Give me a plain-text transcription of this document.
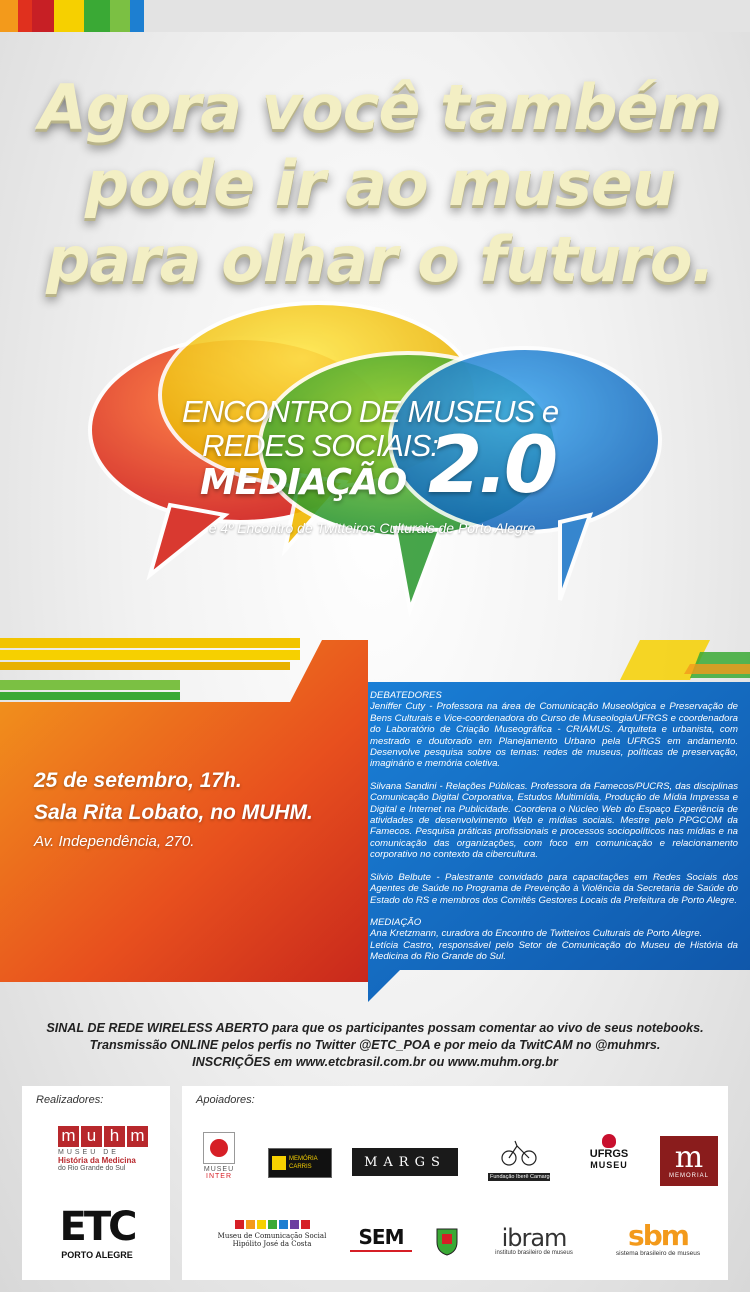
Agora você também
pode ir ao museu
para olhar o futuro.
ENCONTRO DE MUSEUS e
REDES SOCIAIS:
MEDIAÇÃO 2.0
e 4º Encontro de Twitteiros Culturais de Porto Alegre
25 de setembro, 17h.
Sala Rita Lobato, no MUHM.
Av. Independência, 270.
DEBATEDORES
Jeniffer Cuty - Professora na área de Comunicação Museológica e Preservação de Bens Culturais e Vice-coordenadora do Curso de Museologia/UFRGS e coordenadora do Laboratório de Criação Museográfica - CRIAMUS. Arquiteta e urbanista, com mestrado e doutorado em Planejamento Urbano pela UFRGS em andamento. Desenvolve pesquisa sobre os temas: redes de museus, políticas de preservação, imaginário e memória coletiva.
Silvana Sandini - Relações Públicas. Professora da Famecos/PUCRS, das disciplinas Comunicação Digital Corporativa, Estudos Multimídia, Produção de Mídia Impressa e Digital e Internet na Publicidade. Coordena o Núcleo Web do Espaço Experiência de atividades de desenvolvimento Web e mídias sociais. Mestre pelo PPGCOM da Famecos. Pesquisa práticas profissionais e processos sociopolíticos nas mídias e na comunicação das organizações, com foco em comunicação e relacionamento corporativo no contexto da cibercultura.
Silvio Belbute - Palestrante convidado para capacitações em Redes Sociais dos Agentes de Saúde no Programa de Prevenção à Violência da Secretaria de Saúde do Estado do RS e membros dos Comitês Gestores Locais da Prefeitura de Porto Alegre.
MEDIAÇÃO
Ana Kretzmann, curadora do Encontro de Twitteiros Culturais de Porto Alegre.
Letícia Castro, responsável pelo Setor de Comunicação do Museu de História da Medicina do Rio Grande do Sul.
SINAL DE REDE WIRELESS ABERTO para que os participantes possam comentar ao vivo de seus notebooks.
Transmissão ONLINE pelos perfis no Twitter @ETC_POA e por meio da TwitCAM no @muhmrs.
INSCRIÇÕES em www.etcbrasil.com.br ou www.muhm.org.br
Realizadores:
m u h m
MUSEU DE
História da Medicina
do Rio Grande do Sul
ETC
PORTO ALEGRE
Apoiadores:
MUSEU
INTER
MEMÓRIA
CARRIS	MARGS
Fundação Iberê Camargo
UFRGS
MUSEU	m
MEMORIAL
Museu de Comunicação Social
Hipólito José da Costa	SEM	ibram
instituto brasileiro de museus
sbm
sistema brasileiro de museus
